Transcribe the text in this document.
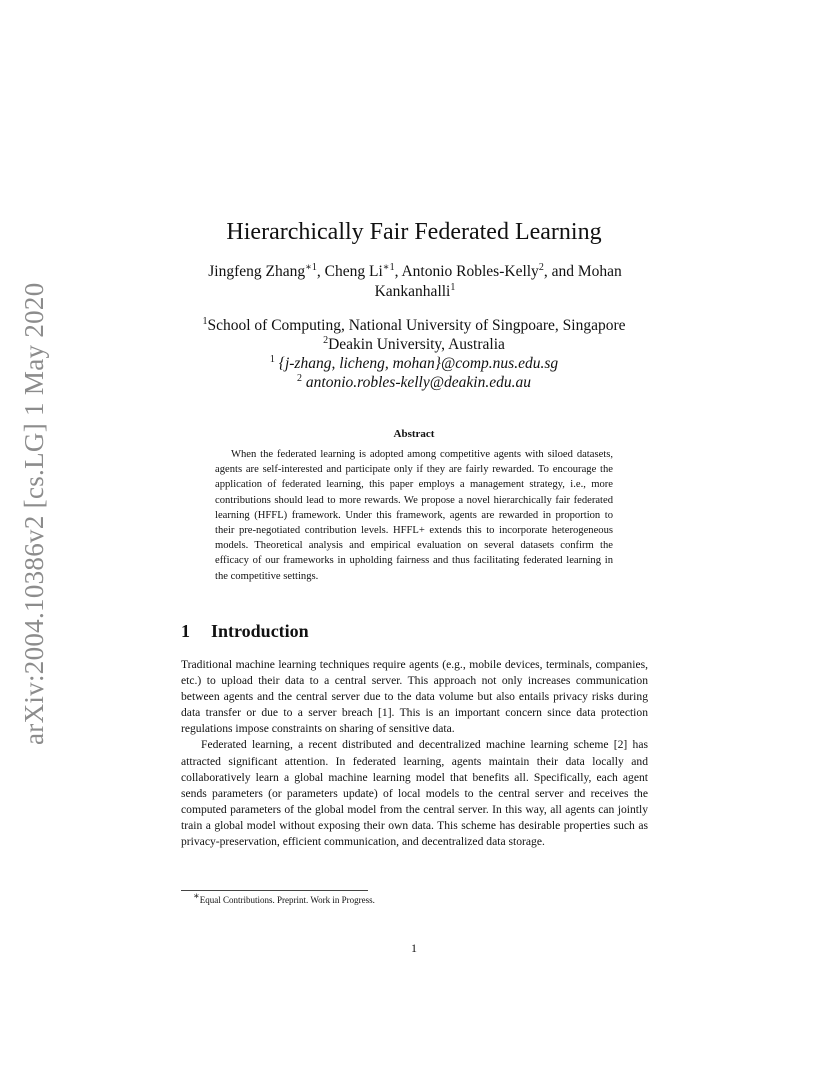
arXiv:2004.10386v2 [cs.LG] 1 May 2020
Hierarchically Fair Federated Learning
Jingfeng Zhang$^{∗1}$, Cheng $Li^{∗1}$, Antonio Robles-Kelly$^2$, and Mohan
Kankanhalli$^1$
$^1$School of Computing, National University of Singpoare, Singapore
$^2$Deakin University, Australia
$^1$ {j-zhang, licheng, mohan}@comp.nus.edu.sg
$^2$ antonio.robles-kelly@deakin.edu.au
Abstract
When the federated learning is adopted among competitive agents with siloed datasets, agents are self-interested and participate only if they are fairly rewarded. To encourage the application of federated learning, this paper employs a management strategy, i.e., more contributions should lead to more rewards. We propose a novel hierarchically fair federated learning (HFFL) framework. Under this framework, agents are rewarded in proportion to their pre-negotiated contribution levels. HFFL+ extends this to incorporate heterogeneous models. Theoretical analysis and empirical evaluation on several datasets confirm the efficacy of our frameworks in upholding fairness and thus facilitating federated learning in the competitive settings.
1 Introduction

Traditional machine learning techniques require agents (e.g., mobile devices, terminals, companies, etc.) to upload their data to a central server. This approach not only increases communication between agents and the central server due to the data volume but also entails privacy risks during data transfer or due to a server breach [1]. This is an important concern since data protection regulations impose constraints on sharing of sensitive data.

Federated learning, a recent distributed and decentralized machine learning scheme [2] has attracted significant attention. In federated learning, agents maintain their data locally and collaboratively learn a global machine learning model that benefits all. Specifically, each agent sends parameters (or parameters update) of local models to the central server and receives the computed parameters of the global model from the central server. In this way, all agents can jointly train a global model without exposing their own data. This scheme has desirable properties such as privacy-preservation, efficient communication, and decentralized data storage.

∗Equal Contributions. Preprint. Work in Progress.
1
